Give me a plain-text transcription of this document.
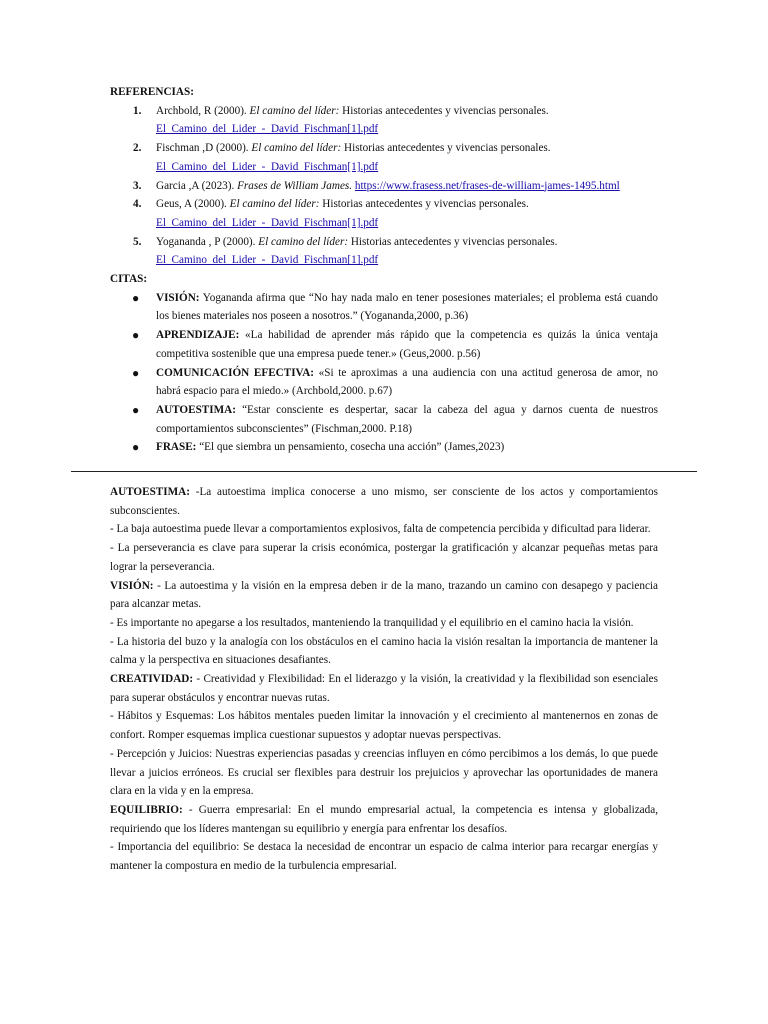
REFERENCIAS:
1. Archbold, R (2000). El camino del líder: Historias antecedentes y vivencias personales.
El_Camino_del_Lider_-_David_Fischman[1].pdf
2. Fischman ,D (2000). El camino del líder: Historias antecedentes y vivencias personales.
El_Camino_del_Lider_-_David_Fischman[1].pdf
3. Garcia ,A (2023). Frases de William James. https://www.frasess.net/frases-de-william-james-1495.html
4. Geus, A (2000). El camino del líder: Historias antecedentes y vivencias personales.
El_Camino_del_Lider_-_David_Fischman[1].pdf
5. Yogananda , P (2000). El camino del líder: Historias antecedentes y vivencias personales.
El_Camino_del_Lider_-_David_Fischman[1].pdf
CITAS:
● VISIÓN: Yogananda afirma que “No hay nada malo en tener posesiones materiales; el problema está cuando los bienes materiales nos poseen a nosotros.” (Yogananda,2000, p.36)
● APRENDIZAJE: «La habilidad de aprender más rápido que la competencia es quizás la única ventaja competitiva sostenible que una empresa puede tener.» (Geus,2000. p.56)
● COMUNICACIÓN EFECTIVA: «Si te aproximas a una audiencia con una actitud generosa de amor, no habrá espacio para el miedo.» (Archbold,2000. p.67)
● AUTOESTIMA: “Estar consciente es despertar, sacar la cabeza del agua y darnos cuenta de nuestros comportamientos subconscientes” (Fischman,2000. P.18)
● FRASE: “El que siembra un pensamiento, cosecha una acción” (James,2023)

AUTOESTIMA: -La autoestima implica conocerse a uno mismo, ser consciente de los actos y comportamientos subconscientes.

- La baja autoestima puede llevar a comportamientos explosivos, falta de competencia percibida y dificultad para liderar.

- La perseverancia es clave para superar la crisis económica, postergar la gratificación y alcanzar pequeñas metas para lograr la perseverancia.

VISIÓN: - La autoestima y la visión en la empresa deben ir de la mano, trazando un camino con desapego y paciencia para alcanzar metas.

- Es importante no apegarse a los resultados, manteniendo la tranquilidad y el equilibrio en el camino hacia la visión.

- La historia del buzo y la analogía con los obstáculos en el camino hacia la visión resaltan la importancia de mantener la calma y la perspectiva en situaciones desafiantes.

CREATIVIDAD: - Creatividad y Flexibilidad: En el liderazgo y la visión, la creatividad y la flexibilidad son esenciales para superar obstáculos y encontrar nuevas rutas.

- Hábitos y Esquemas: Los hábitos mentales pueden limitar la innovación y el crecimiento al mantenernos en zonas de confort. Romper esquemas implica cuestionar supuestos y adoptar nuevas perspectivas.

- Percepción y Juicios: Nuestras experiencias pasadas y creencias influyen en cómo percibimos a los demás, lo que puede llevar a juicios erróneos. Es crucial ser flexibles para destruir los prejuicios y aprovechar las oportunidades de manera clara en la vida y en la empresa.

EQUILIBRIO: - Guerra empresarial: En el mundo empresarial actual, la competencia es intensa y globalizada, requiriendo que los líderes mantengan su equilibrio y energía para enfrentar los desafíos.

- Importancia del equilibrio: Se destaca la necesidad de encontrar un espacio de calma interior para recargar energías y mantener la compostura en medio de la turbulencia empresarial.
